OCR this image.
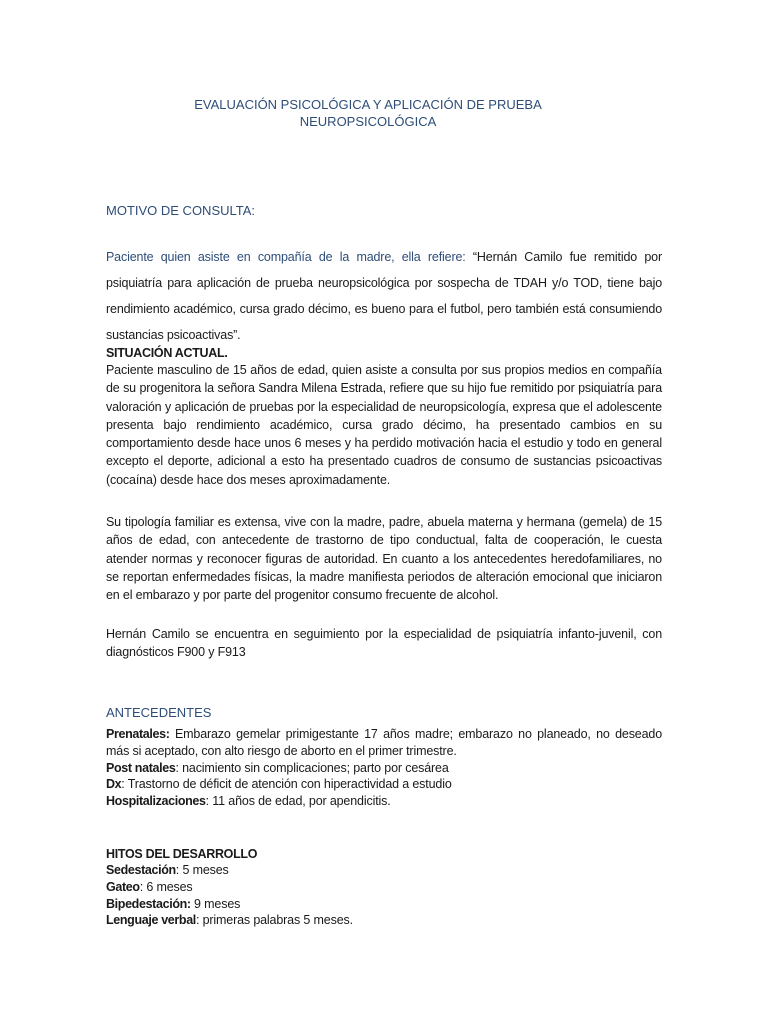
EVALUACIÓN PSICOLÓGICA Y APLICACIÓN DE PRUEBA
NEUROPSICOLÓGICA
MOTIVO DE CONSULTA:
Paciente quien asiste en compañía de la madre, ella refiere: “Hernán Camilo fue remitido por psiquiatría para aplicación de prueba neuropsicológica por sospecha de TDAH y/o TOD, tiene bajo rendimiento académico, cursa grado décimo, es bueno para el futbol, pero también está consumiendo sustancias psicoactivas”.
SITUACIÓN ACTUAL.
Paciente masculino de 15 años de edad, quien asiste a consulta por sus propios medios en compañía de su progenitora la señora Sandra Milena Estrada, refiere que su hijo fue remitido por psiquiatría para valoración y aplicación de pruebas por la especialidad de neuropsicología, expresa que el adolescente presenta bajo rendimiento académico, cursa grado décimo, ha presentado cambios en su comportamiento desde hace unos 6 meses y ha perdido motivación hacia el estudio y todo en general excepto el deporte, adicional a esto ha presentado cuadros de consumo de sustancias psicoactivas (cocaína) desde hace dos meses aproximadamente.
Su tipología familiar es extensa, vive con la madre, padre, abuela materna y hermana (gemela) de 15 años de edad, con antecedente de trastorno de tipo conductual, falta de cooperación, le cuesta atender normas y reconocer figuras de autoridad. En cuanto a los antecedentes heredofamiliares, no se reportan enfermedades físicas, la madre manifiesta periodos de alteración emocional que iniciaron en el embarazo y por parte del progenitor consumo frecuente de alcohol.
Hernán Camilo se encuentra en seguimiento por la especialidad de psiquiatría infanto-juvenil, con diagnósticos F900 y F913
ANTECEDENTES
Prenatales: Embarazo gemelar primigestante 17 años madre; embarazo no planeado, no deseado más si aceptado, con alto riesgo de aborto en el primer trimestre.
Post natales: nacimiento sin complicaciones; parto por cesárea
Dx: Trastorno de déficit de atención con hiperactividad a estudio
Hospitalizaciones: 11 años de edad, por apendicitis.
HITOS DEL DESARROLLO
Sedestación: 5 meses
Gateo: 6 meses
Bipedestación: 9 meses
Lenguaje verbal: primeras palabras 5 meses.
